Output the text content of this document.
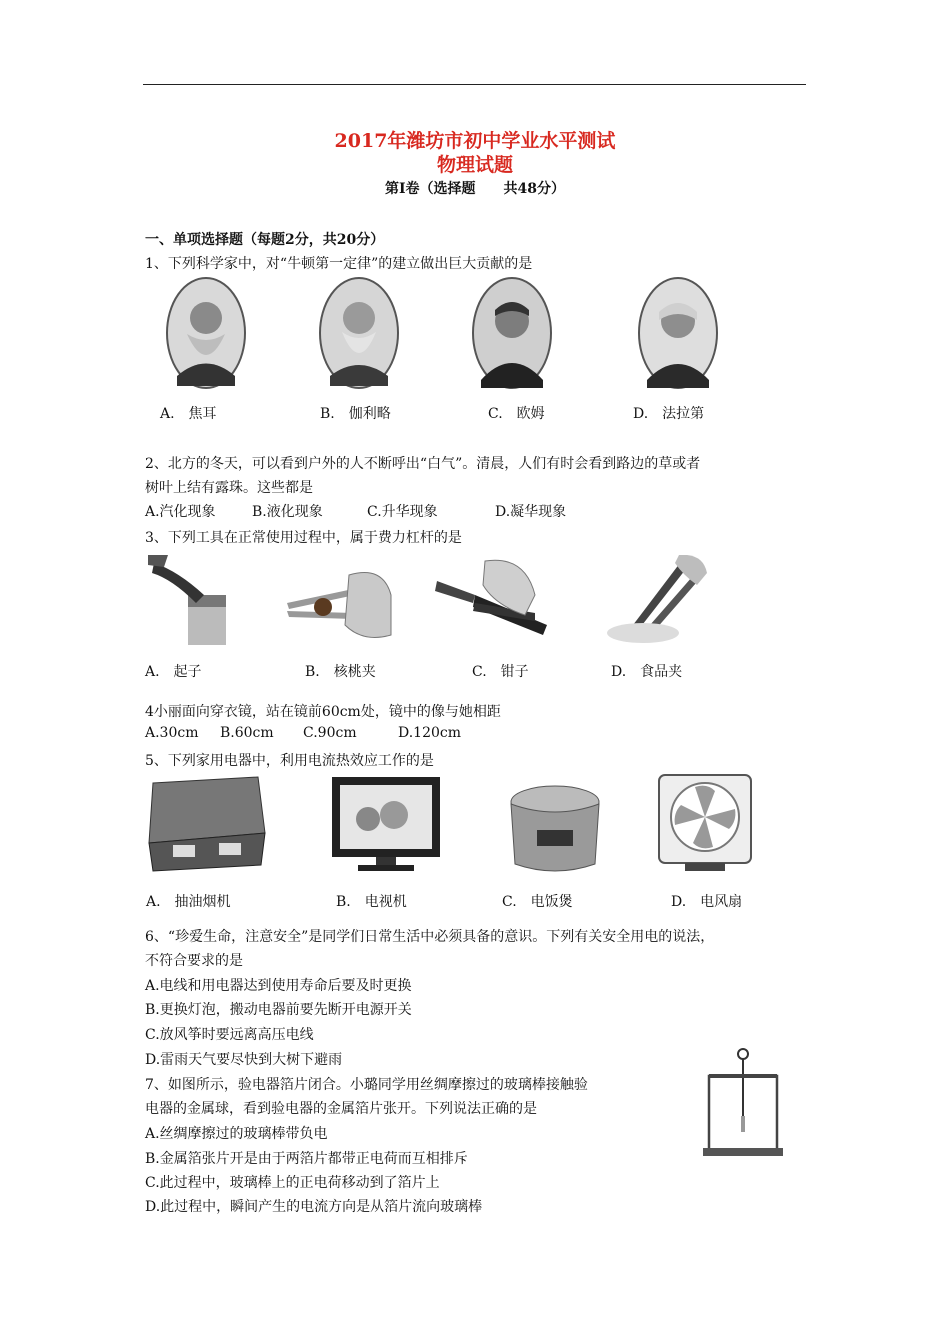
2017年潍坊市初中学业水平测试
物理试题
第Ⅰ卷（选择题　　共48分）
一、单项选择题（每题2分，共20分）
1、下列科学家中，对“牛顿第一定律”的建立做出巨大贡献的是
A.　焦耳	B.　伽利略	C.　欧姆	D.　法拉第
2、北方的冬天，可以看到户外的人不断呼出“白气”。清晨，人们有时会看到路边的草或者
树叶上结有露珠。这些都是
A.汽化现象	B.液化现象	C.升华现象	D.凝华现象
3、下列工具在正常使用过程中，属于费力杠杆的是
A.　起子	B.　核桃夹	C.　钳子	D.　食品夹
4小丽面向穿衣镜，站在镜前60cm处，镜中的像与她相距
A.30cm B.60cm C.90cm	D.120cm
5、下列家用电器中，利用电流热效应工作的是
A.　抽油烟机	B.　电视机	C.　电饭煲	D.　电风扇
6、“珍爱生命，注意安全”是同学们日常生活中必须具备的意识。下列有关安全用电的说法，
不符合要求的是
A.电线和用电器达到使用寿命后要及时更换
B.更换灯泡，搬动电器前要先断开电源开关
C.放风筝时要远离高压电线
D.雷雨天气要尽快到大树下避雨
7、如图所示，验电器箔片闭合。小璐同学用丝绸摩擦过的玻璃棒接触验
电器的金属球，看到验电器的金属箔片张开。下列说法正确的是
A.丝绸摩擦过的玻璃棒带负电
B.金属箔张片开是由于两箔片都带正电荷而互相排斥
C.此过程中，玻璃棒上的正电荷移动到了箔片上
D.此过程中，瞬间产生的电流方向是从箔片流向玻璃棒
